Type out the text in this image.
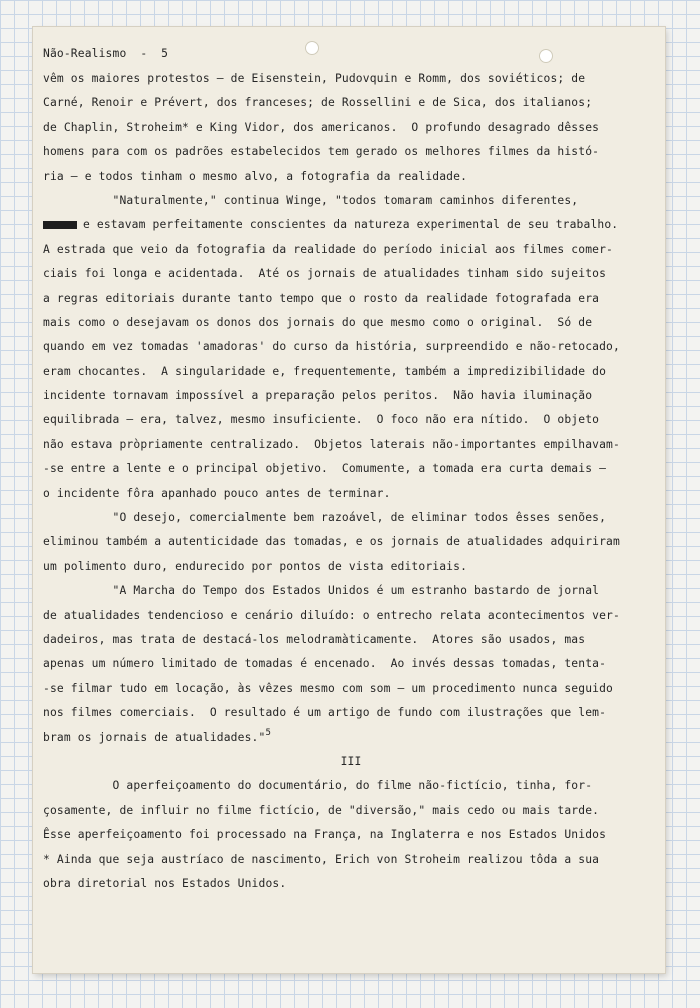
Não-Realismo  -  5
vêm os maiores protestos — de Eisenstein, Pudovquin e Romm, dos soviéticos; de
Carné, Renoir e Prévert, dos franceses; de Rossellini e de Sica, dos italianos;
de Chaplin, Stroheim* e King Vidor, dos americanos.  O profundo desagrado dêsses
homens para com os padrões estabelecidos tem gerado os melhores filmes da histó-
ria — e todos tinham o mesmo alvo, a fotografia da realidade.
"Naturalmente," continua Winge, "todos tomaram caminhos diferentes,
e estavam perfeitamente conscientes da natureza experimental de seu trabalho.
A estrada que veio da fotografia da realidade do período inicial aos filmes comer-
ciais foi longa e acidentada.  Até os jornais de atualidades tinham sido sujeitos
a regras editoriais durante tanto tempo que o rosto da realidade fotografada era
mais como o desejavam os donos dos jornais do que mesmo como o original.  Só de
quando em vez tomadas 'amadoras' do curso da história, surpreendido e não-retocado,
eram chocantes.  A singularidade e, frequentemente, também a impredizibilidade do
incidente tornavam impossível a preparação pelos peritos.  Não havia iluminação
equilibrada — era, talvez, mesmo insuficiente.  O foco não era nítido.  O objeto
não estava pròpriamente centralizado.  Objetos laterais não-importantes empilhavam-
-se entre a lente e o principal objetivo.  Comumente, a tomada era curta demais —
o incidente fôra apanhado pouco antes de terminar.
"O desejo, comercialmente bem razoável, de eliminar todos êsses senões,
eliminou também a autenticidade das tomadas, e os jornais de atualidades adquiriram
um polimento duro, endurecido por pontos de vista editoriais.
"A Marcha do Tempo dos Estados Unidos é um estranho bastardo de jornal
de atualidades tendencioso e cenário diluído: o entrecho relata acontecimentos ver-
dadeiros, mas trata de destacá-los melodramàticamente.  Atores são usados, mas
apenas um número limitado de tomadas é encenado.  Ao invés dessas tomadas, tenta-
-se filmar tudo em locação, às vêzes mesmo com som — um procedimento nunca seguido
nos filmes comerciais.  O resultado é um artigo de fundo com ilustrações que lem-
bram os jornais de atualidades."$^5$
III
O aperfeiçoamento do documentário, do filme não-fictício, tinha, for-
çosamente, de influir no filme fictício, de "diversão," mais cedo ou mais tarde.
Êsse aperfeiçoamento foi processado na França, na Inglaterra e nos Estados Unidos
* Ainda que seja austríaco de nascimento, Erich von Stroheim realizou tôda a sua
obra diretorial nos Estados Unidos.
